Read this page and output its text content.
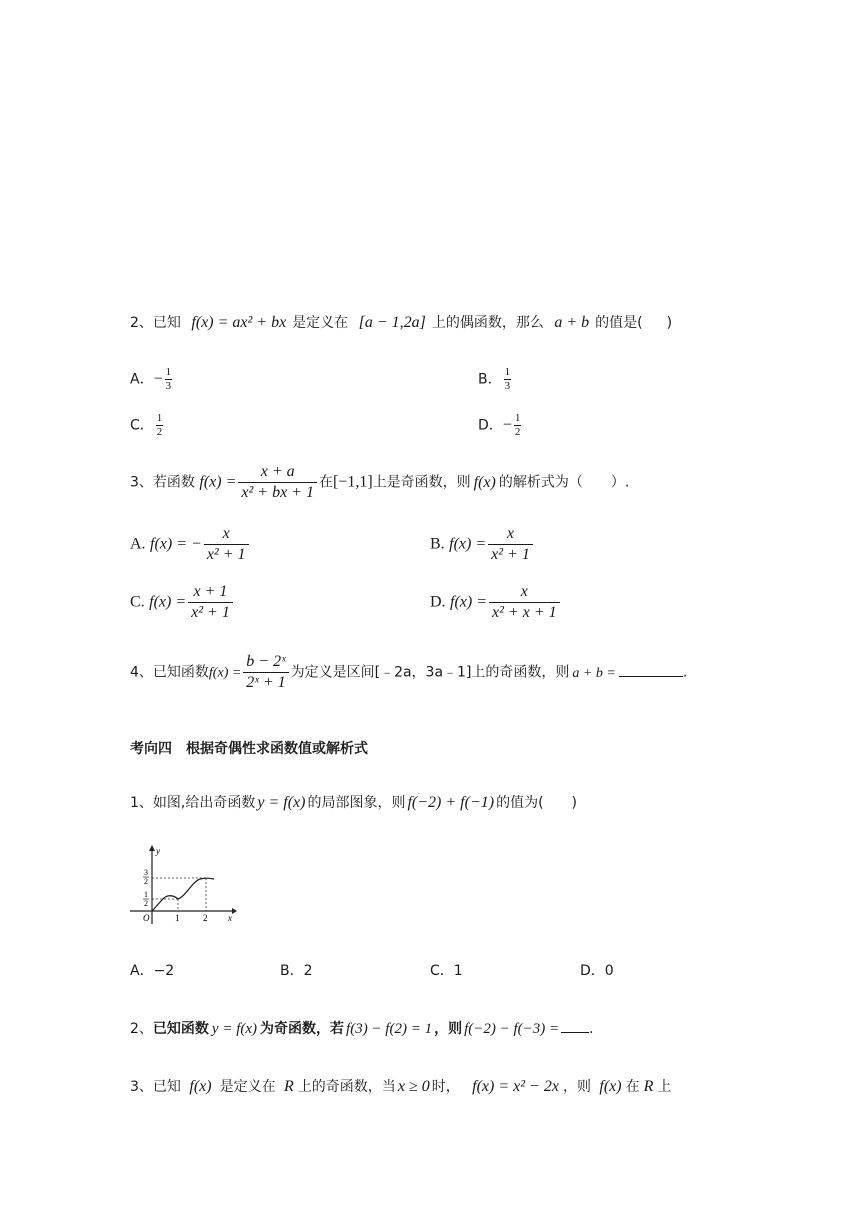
2、已知 f(x) = ax² + bx 是定义在 [a − 1,2a] 上的偶函数，那么 a + b 的值是( )
A．− $\frac{1}{3}$	B． $\frac{1}{3}$
C． $\frac{1}{2}$	D．− $\frac{1}{2}$
3、若函数 $f(x) = \frac{x + a}{\text{x² + bx + 1}}$ 在[−1,1]上是奇函数，则 f(x) 的解析式为（　　）.
A. f(x) = − $\frac{x}{\text{x² + 1}}$	B. $f(x) = \frac{x}{\text{x² + 1}}$
C. $f(x) = \frac{x + 1}{\text{x² + 1}}$	D. $f(x) = \frac{x}{\text{x² + x + 1}}$
4、已知函数$f(x) = \frac{\text{b − 2ˣ}}{\text{2ˣ + 1}}$ 为定义是区间[﹣2a，3a﹣1]上的奇函数，则 a + b =	.
考向四　根据奇偶性求函数值或解析式
1、如图,给出奇函数 y = f(x) 的局部图象，则 f(−2) + f(−1) 的值为(　　)
y
x
O	1	2
3
2
1
2
A．−2	B．2	C．1	D．0
2、已知函数 y = f(x) 为奇函数，若 f(3) − f(2) = 1 ，则 f(−2) − f(−3) = .
3、已知 f(x) 是定义在 R 上的奇函数，当 x ≥ 0 时， f(x) = x² − 2x ，则 f(x) 在 R 上
